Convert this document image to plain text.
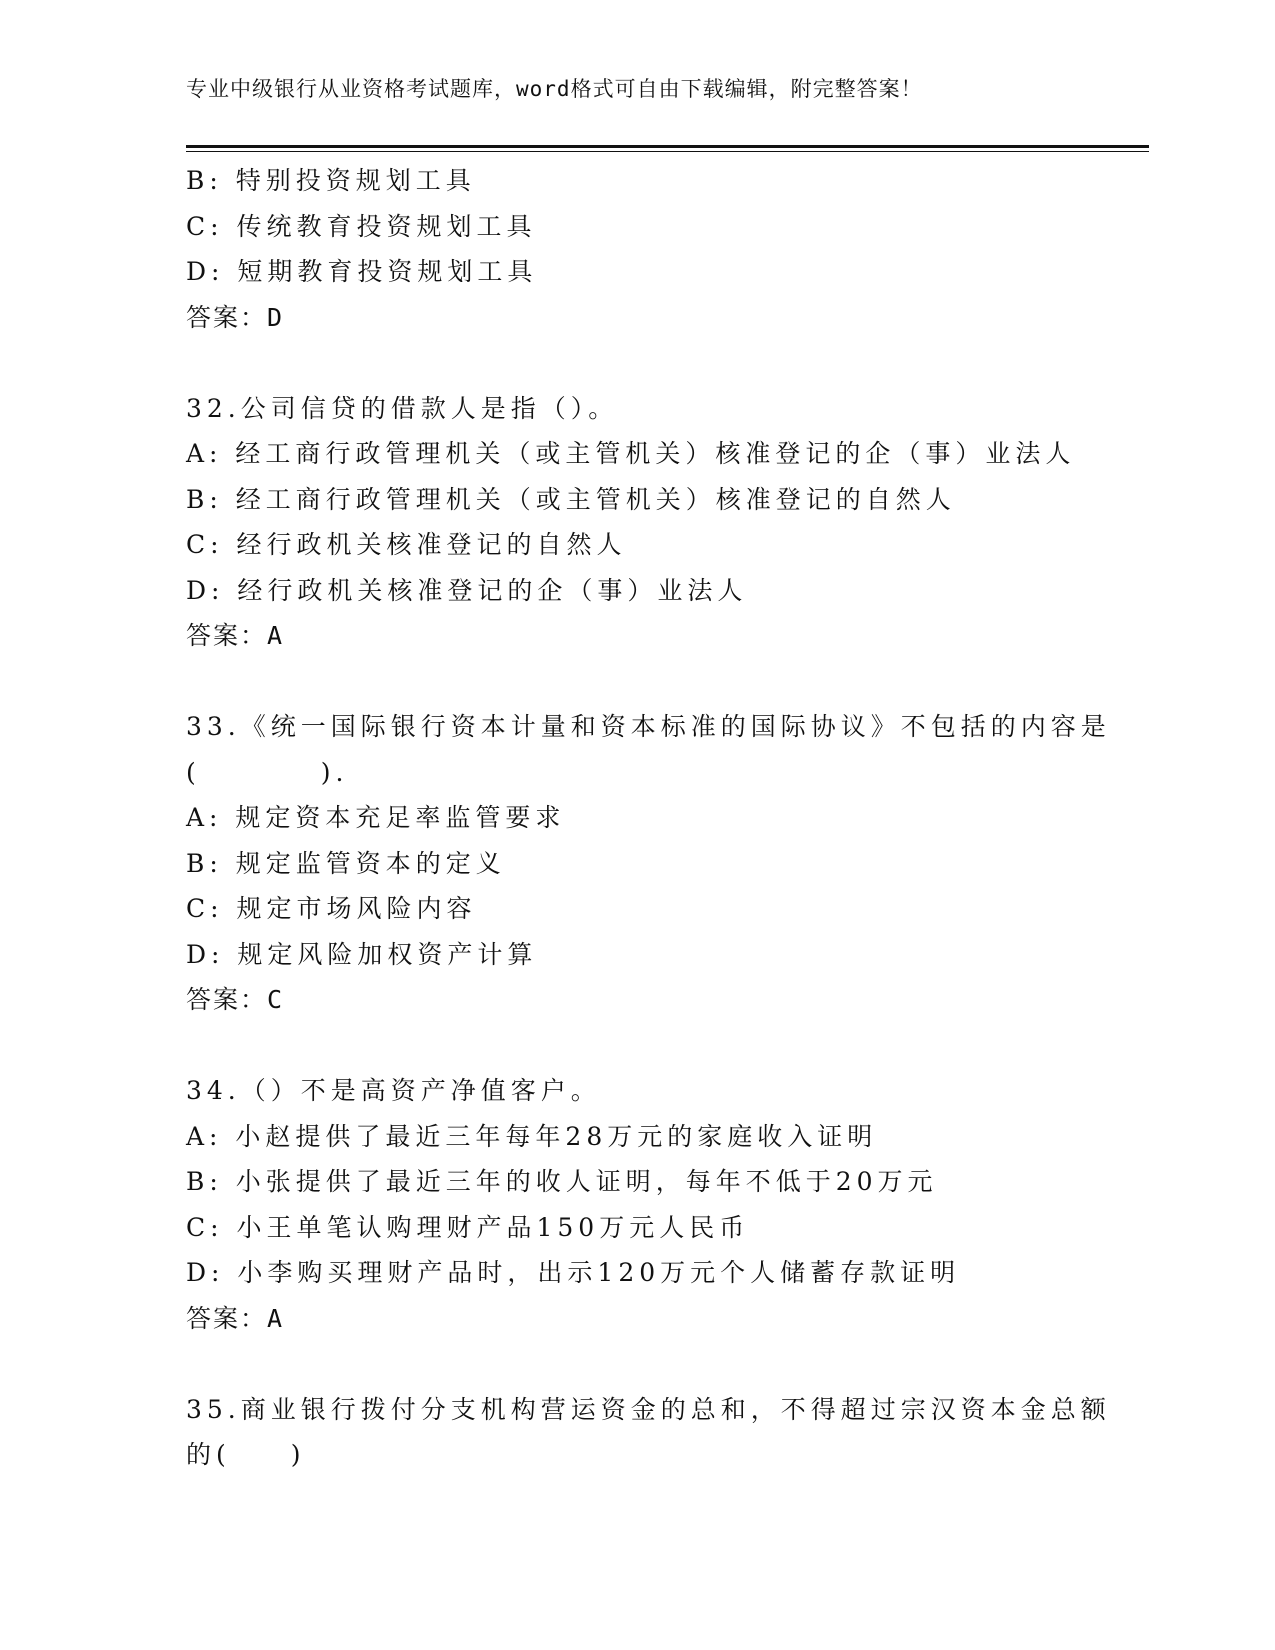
专业中级银行从业资格考试题库，word格式可自由下载编辑，附完整答案！
B: 特别投资规划工具
C: 传统教育投资规划工具
D: 短期教育投资规划工具
答案：D
32.公司信贷的借款人是指（）。
A: 经工商行政管理机关（或主管机关）核准登记的企（事）业法人
B: 经工商行政管理机关（或主管机关）核准登记的自然人
C: 经行政机关核准登记的自然人
D: 经行政机关核准登记的企（事）业法人
答案：A
33.《统一国际银行资本计量和资本标准的国际协议》不包括的内容是
(　　　　).
A: 规定资本充足率监管要求
B: 规定监管资本的定义
C: 规定市场风险内容
D: 规定风险加权资产计算
答案：C
34.（）不是高资产净值客户。
A: 小赵提供了最近三年每年28万元的家庭收入证明
B: 小张提供了最近三年的收人证明，每年不低于20万元
C: 小王单笔认购理财产品150万元人民币
D: 小李购买理财产品时，出示120万元个人储蓄存款证明
答案：A
35.商业银行拨付分支机构营运资金的总和，不得超过宗汉资本金总额
的(　　)
